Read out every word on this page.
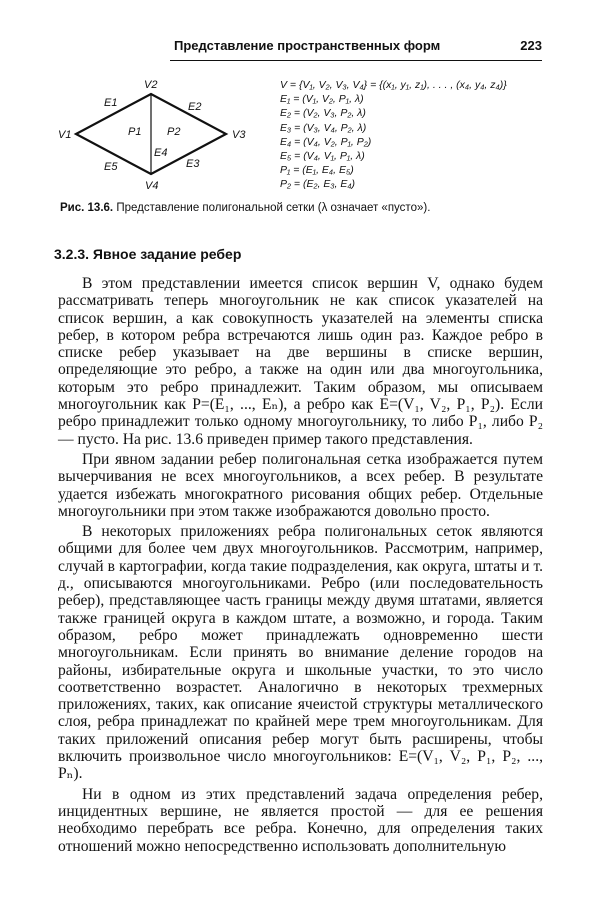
Представление пространственных форм	223
V1
V2
V3
V4
E1	E2
E3
E4
E5
P1 P2
V = {V₁, V₂, V₃, V₄} = {(x₁, y₁, z₁), . . . , (x₄, y₄, z₄)}
E₁ = (V₁, V₂, P₁, λ)
E₂ = (V₂, V₃, P₂, λ)
E₃ = (V₃, V₄, P₂, λ)
E₄ = (V₄, V₂, P₁, P₂)
E₅ = (V₄, V₁, P₁, λ)
P₁ = (E₁, E₄, E₅)
P₂ = (E₂, E₃, E₄)
Рис. 13.6. Представление полигональной сетки (λ означает «пусто»).
3.2.3. Явное задание ребер

В этом представлении имеется список вершин V, однако будем рассматривать теперь многоугольник не как список указателей на список вершин, а как совокупность указателей на элементы списка ребер, в котором ребра встречаются лишь один раз. Каждое ребро в списке ребер указывает на две вершины в списке вершин, определяющие это ребро, а также на один или два многоугольника, которым это ребро принадлежит. Таким образом, мы описываем многоугольник как P=(E₁, ..., Eₙ), а ребро как E=(V₁, V₂, P₁, P₂). Если ребро принадлежит только одному многоугольнику, то либо P₁, либо P₂ — пусто. На рис. 13.6 приведен пример такого представления.

При явном задании ребер полигональная сетка изображается путем вычерчивания не всех многоугольников, а всех ребер. В результате удается избежать многократного рисования общих ребер. Отдельные многоугольники при этом также изображаются довольно просто.

В некоторых приложениях ребра полигональных сеток являются общими для более чем двух многоугольников. Рассмотрим, например, случай в картографии, когда такие подразделения, как округа, штаты и т. д., описываются многоугольниками. Ребро (или последовательность ребер), представляющее часть границы между двумя штатами, является также границей округа в каждом штате, а возможно, и города. Таким образом, ребро может принадлежать одновременно шести многоугольникам. Если принять во внимание деление городов на районы, избирательные округа и школьные участки, то это число соответственно возрастет. Аналогично в некоторых трехмерных приложениях, таких, как описание ячеистой структуры металлического слоя, ребра принадлежат по крайней мере трем многоугольникам. Для таких приложений описания ребер могут быть расширены, чтобы включить произвольное число многоугольников: E=(V₁, V₂, P₁, P₂, ..., Pₙ).

Ни в одном из этих представлений задача определения ребер, инцидентных вершине, не является простой — для ее решения необходимо перебрать все ребра. Конечно, для определения таких отношений можно непосредственно использовать дополнительную
